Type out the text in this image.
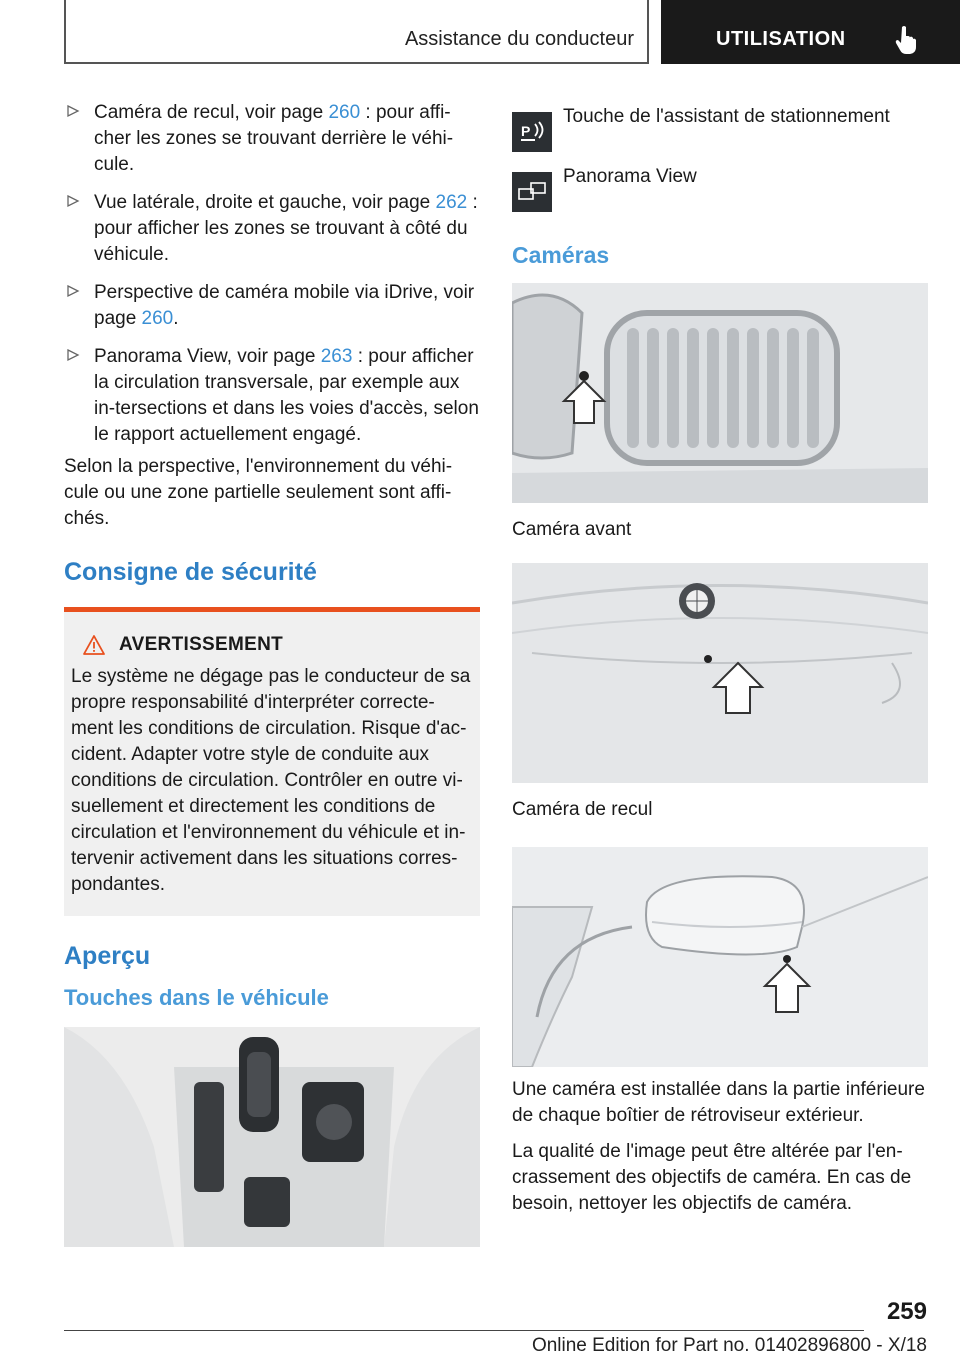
Assistance du conducteur	UTILISATION
Caméra de recul, voir page 260 : pour affi‐cher les zones se trouvant derrière le véhi‐cule.
Vue latérale, droite et gauche, voir page 262 : pour afficher les zones se trouvant à côté du véhicule.
Perspective de caméra mobile via iDrive, voir page 260.
Panorama View, voir page 263 : pour afficher la circulation transversale, par exemple aux in‐tersections et dans les voies d'accès, selon le rapport actuellement engagé.

Selon la perspective, l'environnement du véhi‐cule ou une zone partielle seulement sont affi‐chés.

Consigne de sécurité
AVERTISSEMENT
Le système ne dégage pas le conducteur de sa propre responsabilité d'interpréter correcte‐ment les conditions de circulation. Risque d'ac‐cident. Adapter votre style de conduite aux conditions de circulation. Contrôler en outre vi‐suellement et directement les conditions de circulation et l'environnement du véhicule et in‐tervenir activement dans les situations corres‐pondantes.
Aperçu
Touches dans le véhicule
P
Touche de l'assistant de stationnement
Panorama View
Caméras

Caméra avant

Caméra de recul

Une caméra est installée dans la partie inférieure de chaque boîtier de rétroviseur extérieur.

La qualité de l'image peut être altérée par l'en‐crassement des objectifs de caméra. En cas de besoin, nettoyer les objectifs de caméra.

259
Online Edition for Part no. 01402896800 - X/18
